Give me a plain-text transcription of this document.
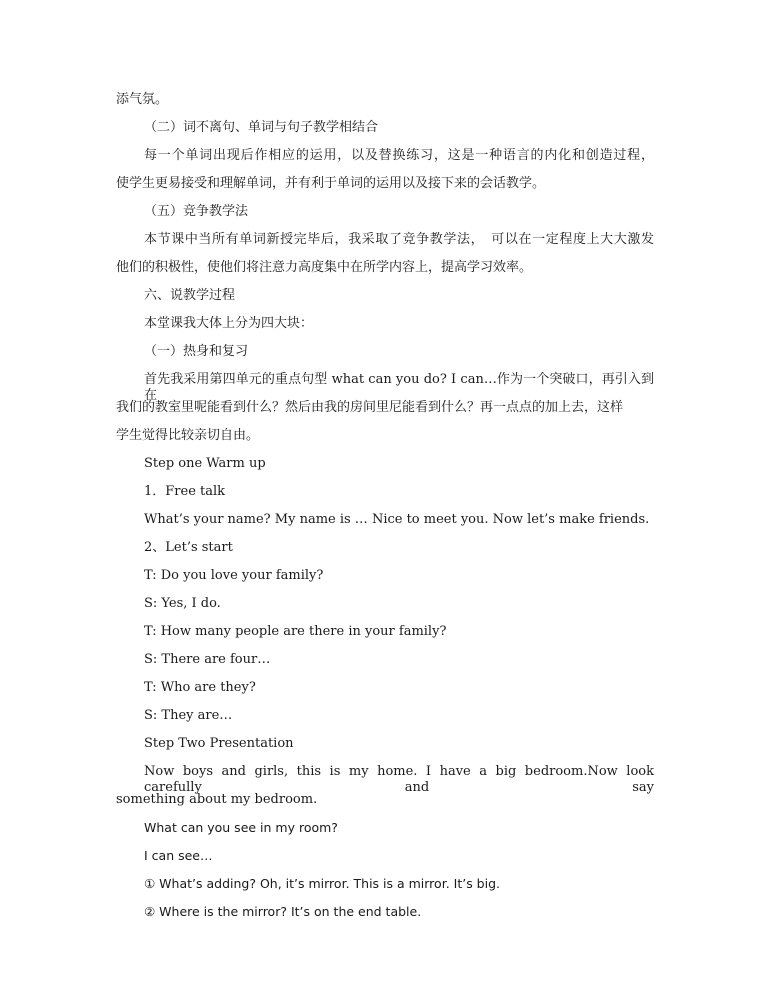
添气氛。
（二）词不离句、单词与句子教学相结合
每一个单词出现后作相应的运用，以及替换练习，这是一种语言的内化和创造过程，
使学生更易接受和理解单词，并有利于单词的运用以及接下来的会话教学。
（五）竞争教学法
本节课中当所有单词新授完毕后，我采取了竞争教学法，　可以在一定程度上大大激发
他们的积极性，使他们将注意力高度集中在所学内容上，提高学习效率。
六、说教学过程
本堂课我大体上分为四大块：
（一）热身和复习
首先我采用第四单元的重点句型 what can you do? I can…作为一个突破口，再引入到在
我们的教室里呢能看到什么？然后由我的房间里尼能看到什么？再一点点的加上去，这样
学生觉得比较亲切自由。
Step one Warm up
1．Free talk
What’s your name? My name is … Nice to meet you. Now let’s make friends.
2、Let’s start
T: Do you love your family?
S: Yes, I do.
T: How many people are there in your family?
S: There are four…
T: Who are they?
S: They are…
Step Two Presentation
Now boys and girls, this is my home. I have a big bedroom.Now look carefully and say
something about my bedroom.
What can you see in my room?
I can see…
① What’s adding? Oh, it’s mirror. This is a mirror. It’s big.
② Where is the mirror? It’s on the end table.
